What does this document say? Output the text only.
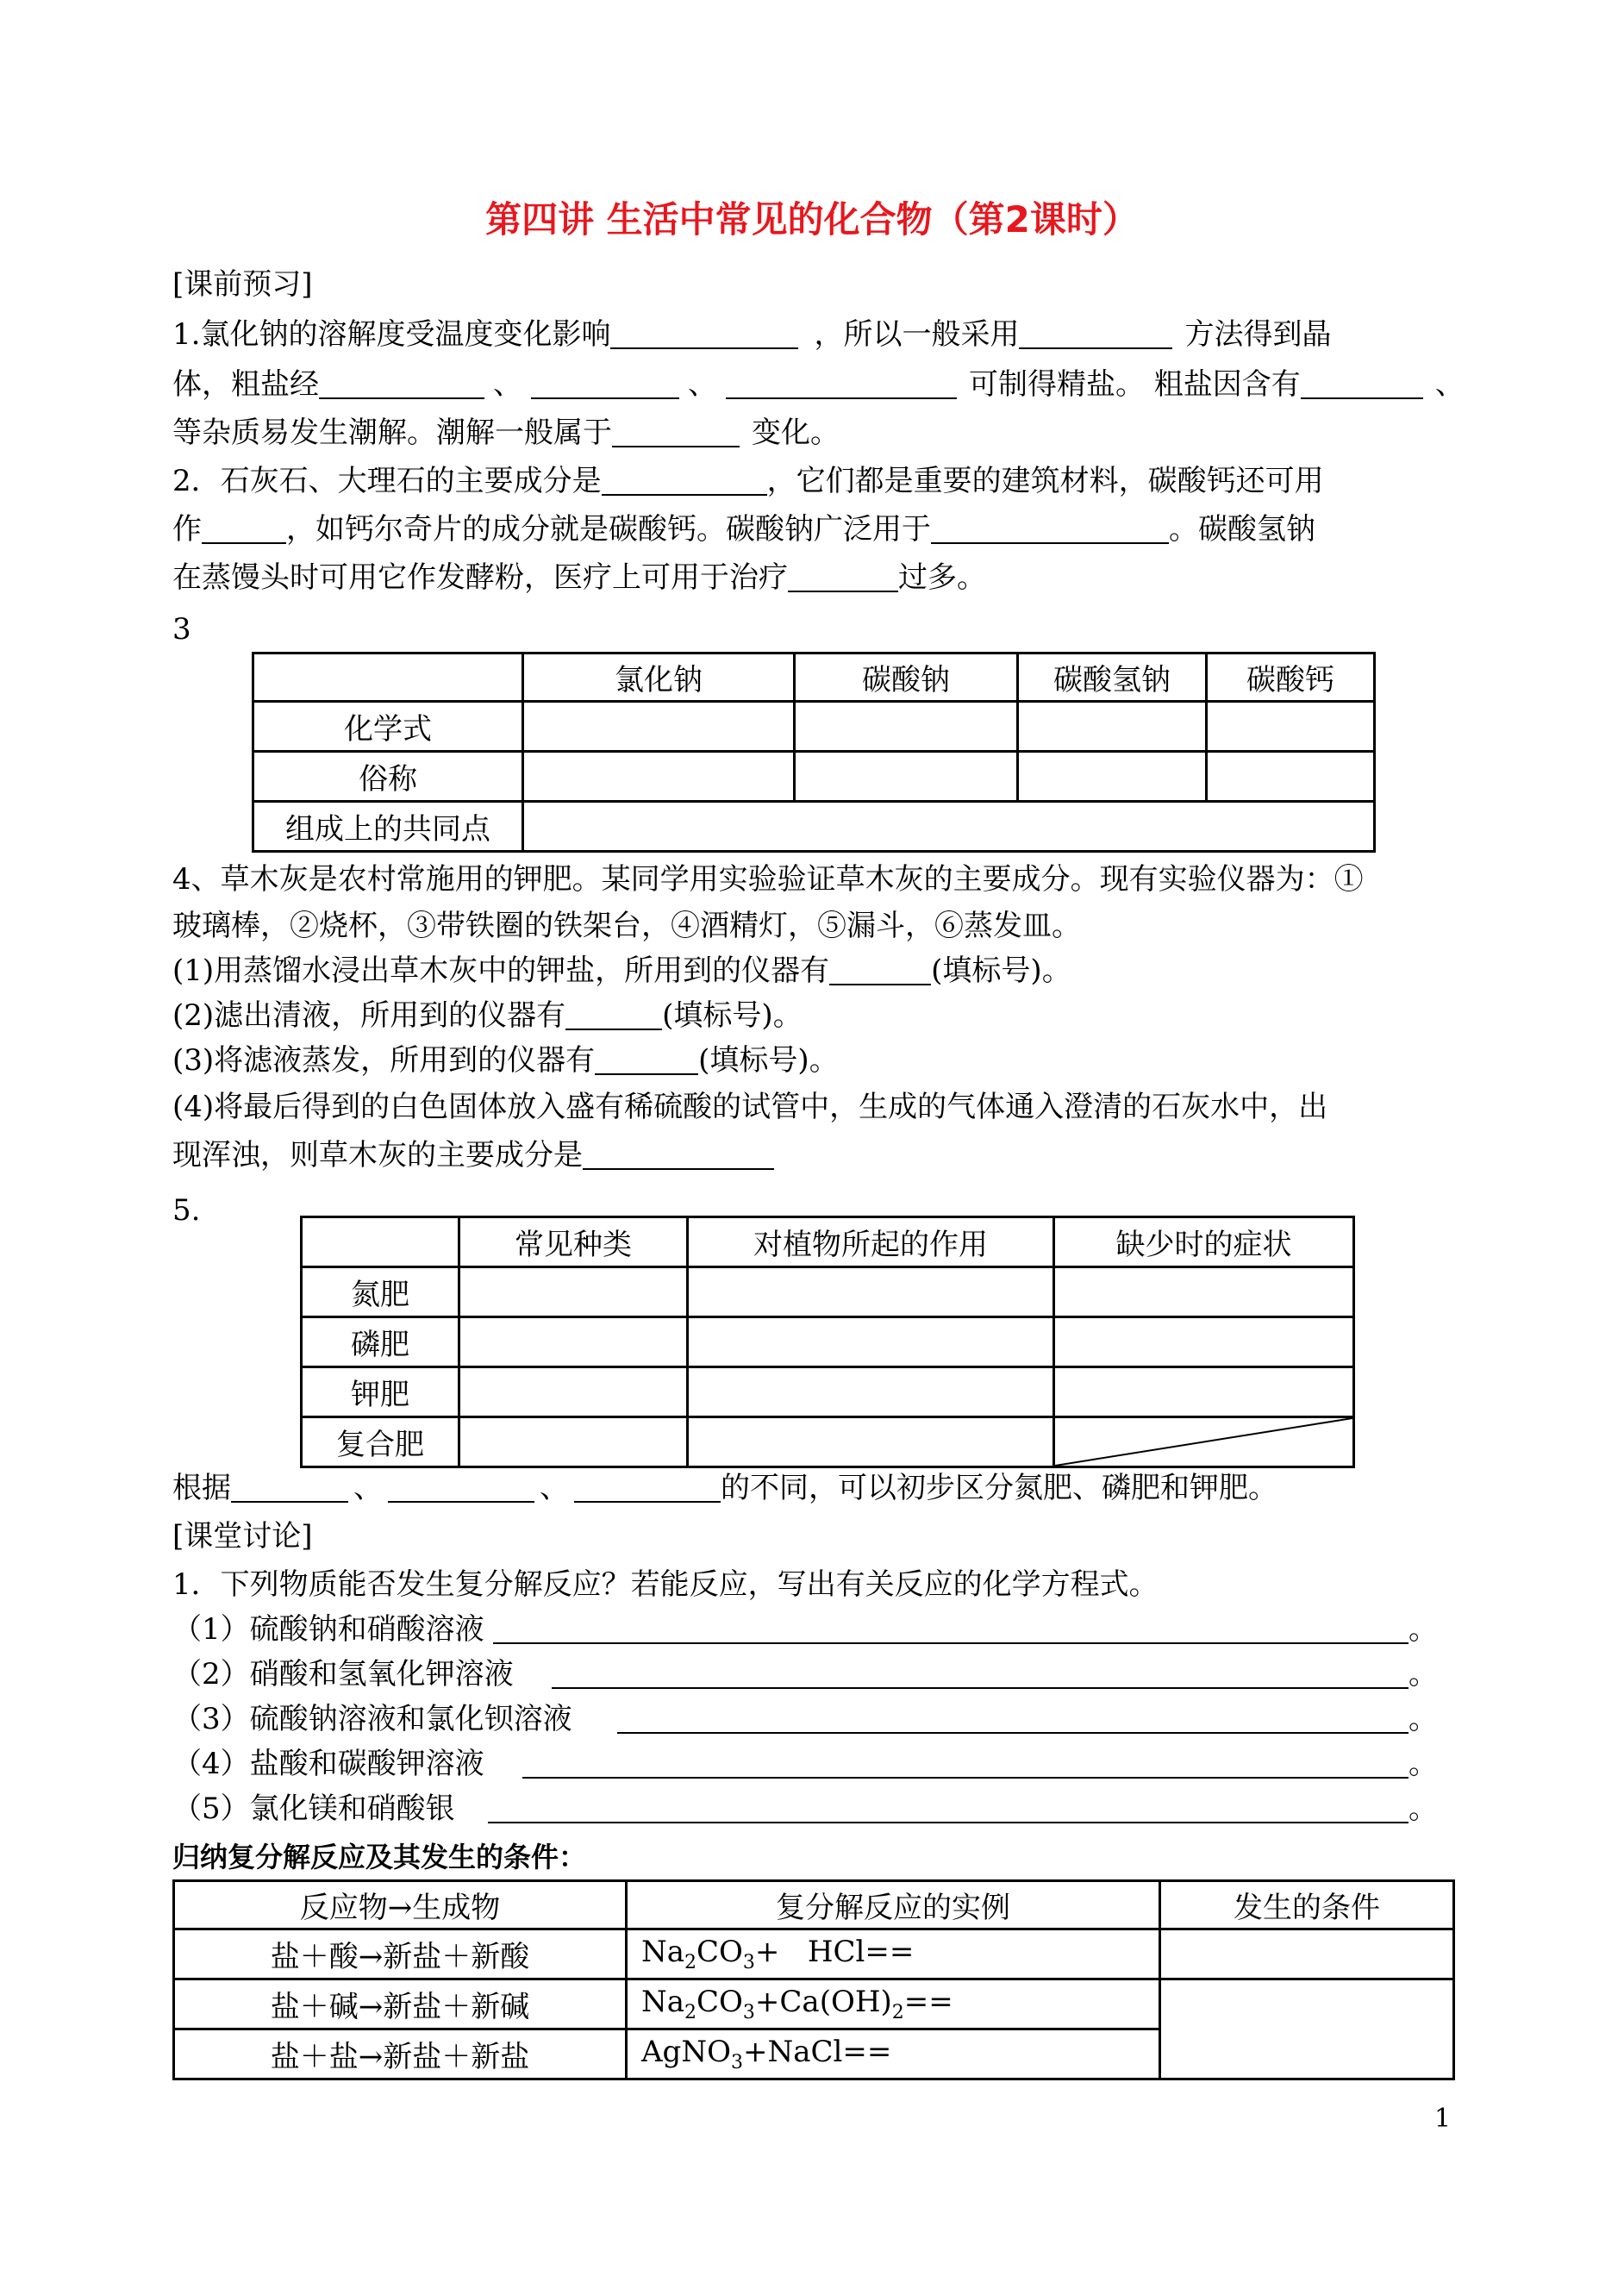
第四讲 生活中常见的化合物（第2课时）
[课前预习]
1.氯化钠的溶解度受温度变化影响	，所以一般采用	方法得到晶
体，粗盐经	、	、	可制得精盐。 粗盐因含有	、
等杂质易发生潮解。潮解一般属于	变化。
2．石灰石、大理石的主要成分是	，它们都是重要的建筑材料，碳酸钙还可用
作	，如钙尔奇片的成分就是碳酸钙。碳酸钠广泛用于	。碳酸氢钠
在蒸馒头时可用它作发酵粉，医疗上可用于治疗	过多。
3
	氯化钠	碳酸钠	碳酸氢钠	碳酸钙
化学式				
俗称				
组成上的共同点				
4、草木灰是农村常施用的钾肥。某同学用实验验证草木灰的主要成分。现有实验仪器为：①
玻璃棒，②烧杯，③带铁圈的铁架台，④酒精灯，⑤漏斗，⑥蒸发皿。
(1)用蒸馏水浸出草木灰中的钾盐，所用到的仪器有	(填标号)。
(2)滤出清液，所用到的仪器有	(填标号)。
(3)将滤液蒸发，所用到的仪器有	(填标号)。
(4)将最后得到的白色固体放入盛有稀硫酸的试管中，生成的气体通入澄清的石灰水中，出
现浑浊，则草木灰的主要成分是
5.
	常见种类	对植物所起的作用	缺少时的症状
氮肥			
磷肥			
钾肥			
复合肥			
根据	、	、	的不同，可以初步区分氮肥、磷肥和钾肥。
[课堂讨论]
1．下列物质能否发生复分解反应？若能反应，写出有关反应的化学方程式。
（1）硫酸钠和硝酸溶液	。
（2）硝酸和氢氧化钾溶液	。
（3）硫酸钠溶液和氯化钡溶液	。
（4）盐酸和碳酸钾溶液	。
（5）氯化镁和硝酸银	。
归纳复分解反应及其发生的条件：
反应物→生成物	复分解反应的实例	发生的条件
盐＋酸→新盐＋新酸	$Na_2CO_3+ HCl==$	
盐＋碱→新盐＋新碱	$Na_2CO_3+Ca(OH)_2==$	
盐＋盐→新盐＋新盐	AgNO$_3$+NaCl==	
1
